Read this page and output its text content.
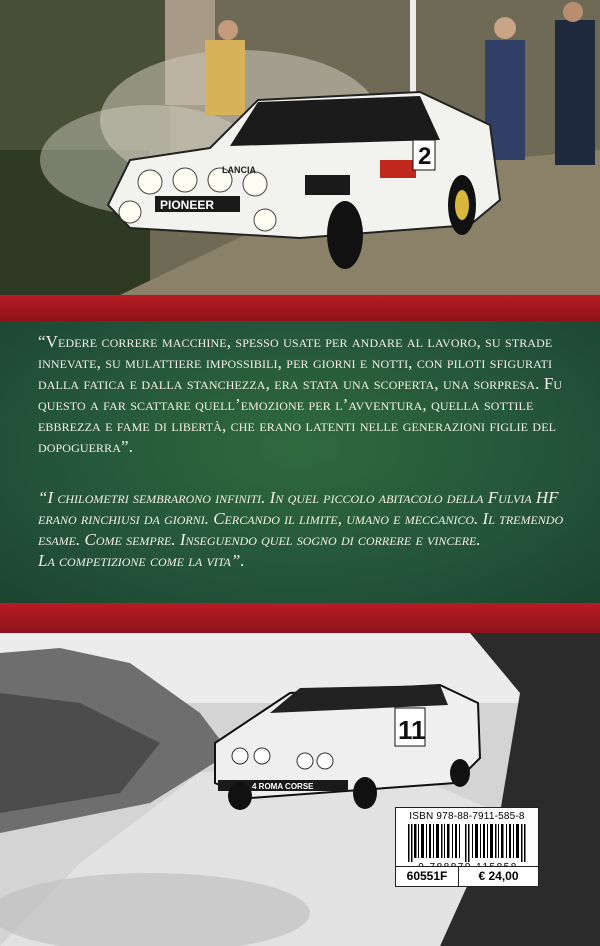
2
PIONEER
LANCIA
“Vedere correre macchine, spesso usate per andare al lavoro, su strade innevate, su mulattiere impossibili, per giorni e notti, con piloti sfigurati dalla fatica e dalla stanchezza, era stata una scoperta, una sorpresa. Fu questo a far scattare quell’emozione per l’avventura, quella sottile ebbrezza e fame di libertà, che erano latenti nelle generazioni figlie del dopoguerra”.

“I chilometri sembrarono infiniti. In quel piccolo abitacolo della Fulvia HF erano rinchiusi da giorni. Cercando il limite, umano e meccanico. Il tremendo esame. Come sempre. Inseguendo quel sogno di correre e vincere.

La competizione come la vita”.

11
4 ROMA CORSE
ISBN 978-88-7911-585-8
60551F	€ 24,00
